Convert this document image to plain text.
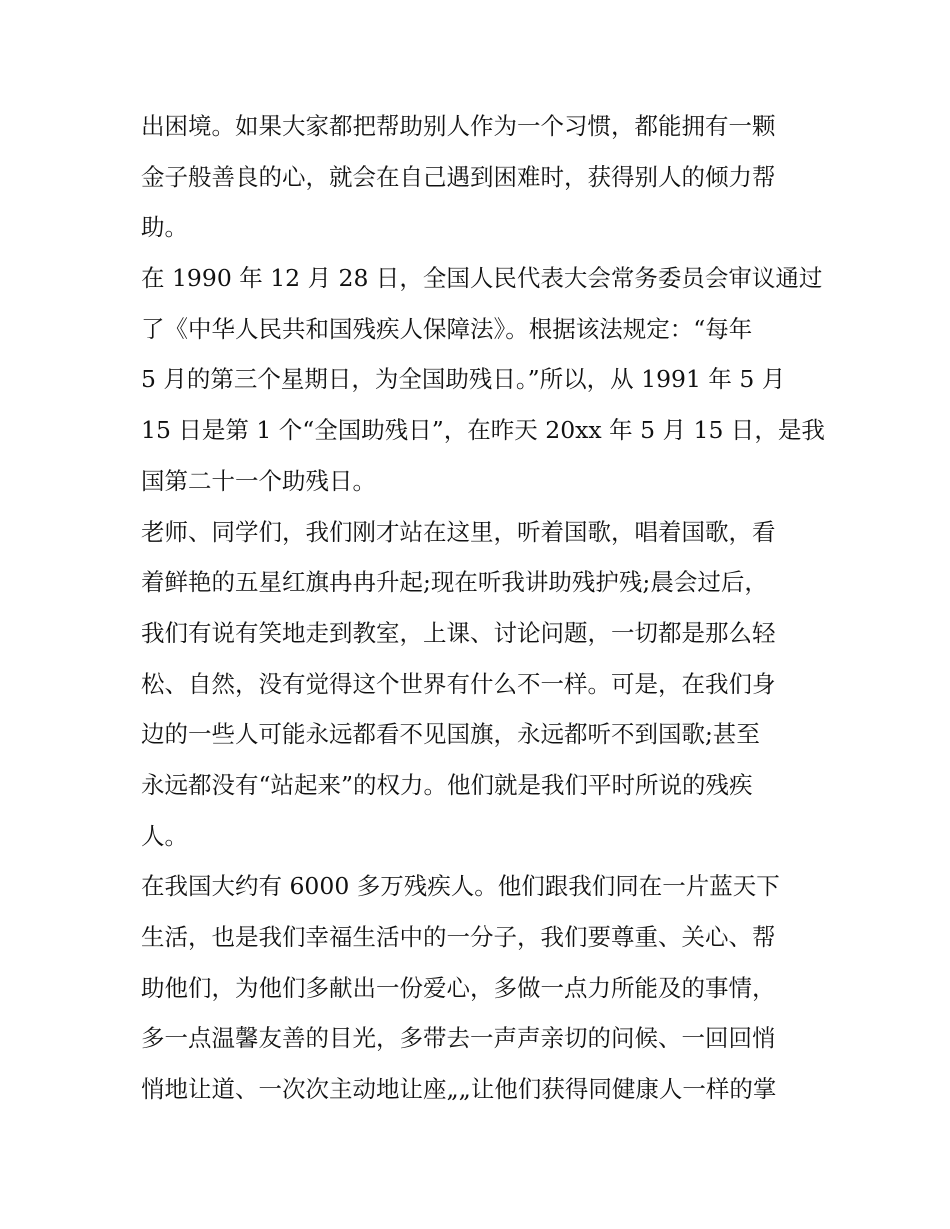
出困境。如果大家都把帮助别人作为一个习惯，都能拥有一颗
金子般善良的心，就会在自己遇到困难时，获得别人的倾力帮
助。
在 1990 年 12 月 28 日，全国人民代表大会常务委员会审议通过
了《中华人民共和国残疾人保障法》。根据该法规定：“每年
5 月的第三个星期日，为全国助残日。”所以，从 1991 年 5 月
15 日是第 1 个“全国助残日”，在昨天 20xx 年 5 月 15 日，是我
国第二十一个助残日。
老师、同学们，我们刚才站在这里，听着国歌，唱着国歌，看
着鲜艳的五星红旗冉冉升起;现在听我讲助残护残;晨会过后，
我们有说有笑地走到教室，上课、讨论问题，一切都是那么轻
松、自然，没有觉得这个世界有什么不一样。可是，在我们身
边的一些人可能永远都看不见国旗，永远都听不到国歌;甚至
永远都没有“站起来”的权力。他们就是我们平时所说的残疾
人。
在我国大约有 6000 多万残疾人。他们跟我们同在一片蓝天下
生活，也是我们幸福生活中的一分子，我们要尊重、关心、帮
助他们，为他们多献出一份爱心，多做一点力所能及的事情，
多一点温馨友善的目光，多带去一声声亲切的问候、一回回悄
悄地让道、一次次主动地让座„„让他们获得同健康人一样的掌
